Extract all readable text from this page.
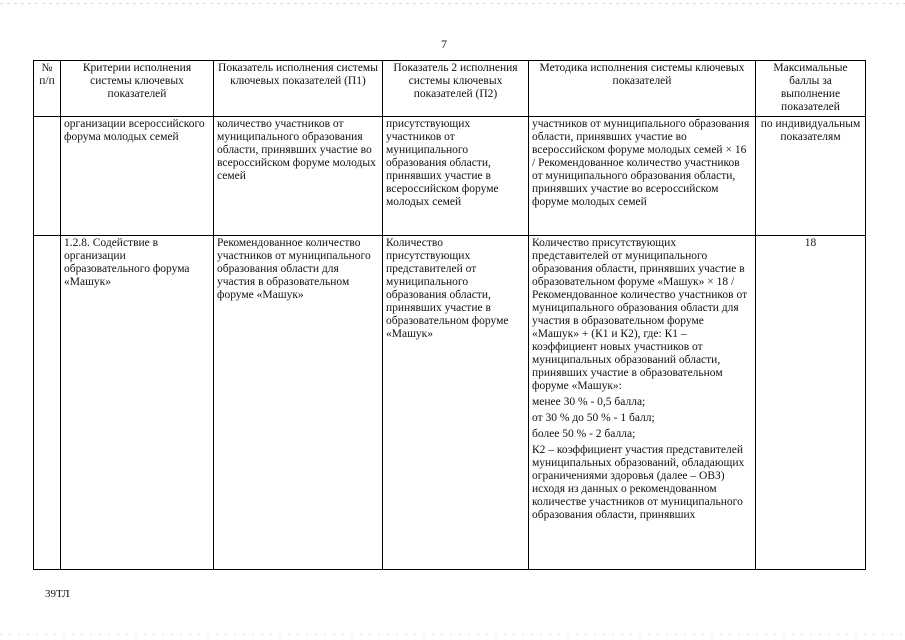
7
№ п/п	Критерии исполнения системы ключевых показателей	Показатель исполнения системы ключевых показателей (П1)	Показатель 2 исполнения системы ключевых показателей (П2)	Методика исполнения системы ключевых показателей	Максимальные баллы за выполнение показателей
	организации всероссийского форума молодых семей	количество участников от муниципального образования области, принявших участие во всероссийском форуме молодых семей	присутствующих участников от муниципального образования области, принявших участие в всероссийском форуме молодых семей	участников от муниципального образования области, принявших участие во всероссийском форуме молодых семей × 16 / Рекомендованное количество участников от муниципального образования области, принявших участие во всероссийском форуме молодых семей	по индивидуальным показателям
	1.2.8. Содействие в организации образовательного форума «Машук»	Рекомендованное количество участников от муниципального образования области для участия в образовательном форуме «Машук»	Количество присутствующих представителей от муниципального образования области, принявших участие в образовательном форуме «Машук»	Количество присутствующих представителей от муниципального образования области, принявших участие в образовательном форуме «Машук» × 18 / Рекомендованное количество участников от муниципального образования области для участия в образовательном форуме «Машук» + (К1 и К2), где: К1 – коэффициент новых участников от муниципальных образований области, принявших участие в образовательном форуме «Машук»:
менее 30 % - 0,5 балла;
от 30 % до 50 % - 1 балл;
более 50 % - 2 балла;
К2 – коэффициент участия представителей муниципальных образований, обладающих ограничениями здоровья (далее – ОВЗ) исходя из данных о рекомендованном количестве участников от муниципального образования области, принявших	18
39ТЛ
